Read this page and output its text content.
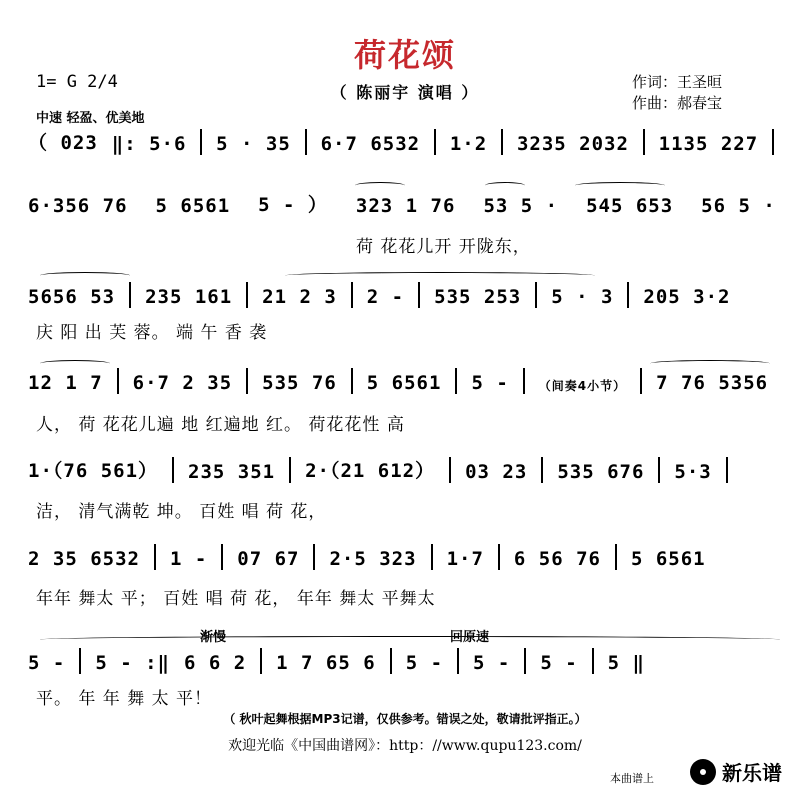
荷花颂
（ 陈丽宇 演唱 ）
1= G 2/4
中速 轻盈、优美地
作词：王圣晅
作曲：郝春宝
（ 023 ‖: 5·6 5 · 35 6·7 6532 1·2 3235 2032 1135 227
6·356 76 5 6561 5 - ） 323 1 76 53 5 · 545 653 56 5 ·
荷 花花儿开 开陇东，
5656 53 235 161 21 2 3 2 - 535 253 5 · 3 205 3·2
庆 阳 出 芙 蓉。 端 午 香 袭
12 1 7 6·7 2 35 535 76 5 6561 5 -	（间奏4小节） 7 76 5356
人， 荷 花花儿遍 地 红遍地 红。 荷花花性 高
1·（76 561） 235 351 2·（21 612） 03 23 535 676 5·3
洁， 清气满乾 坤。 百姓 唱 荷 花，
2 35 6532 1 - 07 67 2·5 323 1·7 6 56 76 5 6561
年年 舞太 平； 百姓 唱 荷 花， 年年 舞太 平舞太
渐慢	回原速
5 - 5 - :‖ 6 6 2 1 7 65 6 5 - 5 - 5 - 5 ‖
平。 年 年 舞 太 平！
（ 秋叶起舞根据MP3记谱，仅供参考。错误之处，敬请批评指正。）
欢迎光临《中国曲谱网》：http：//www.qupu123.com/
本曲谱上	新乐谱
